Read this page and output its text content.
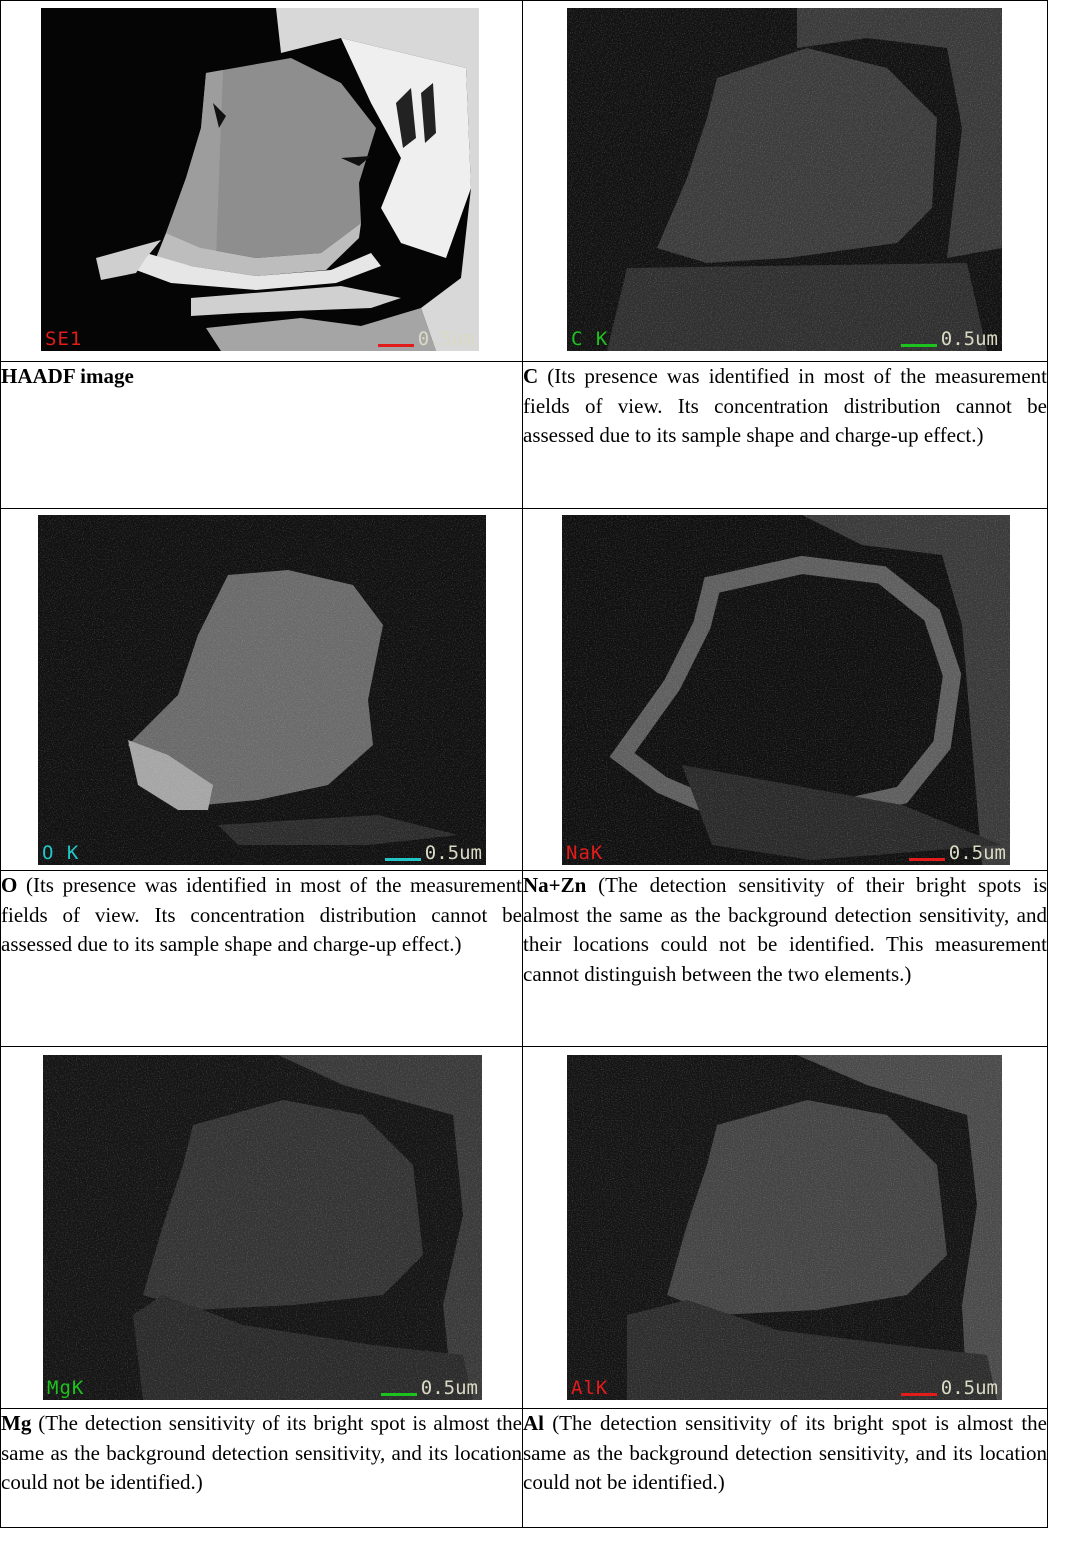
SE1 0.5um	C K 0.5um

HAADF image	C (Its presence was identified in most of the measurement fields of view. Its concentration distribution cannot be assessed due to its sample shape and charge-up effect.)

O K 0.5um	NaK 0.5um

O (Its presence was identified in most of the measurement fields of view. Its concentration distribution cannot be assessed due to its sample shape and charge-up effect.)	Na+Zn (The detection sensitivity of their bright spots is almost the same as the background detection sensitivity, and their locations could not be identified. This measurement cannot distinguish between the two elements.)

MgK 0.5um	AlK 0.5um

Mg (The detection sensitivity of its bright spot is almost the same as the background detection sensitivity, and its location could not be identified.)	Al (The detection sensitivity of its bright spot is almost the same as the background detection sensitivity, and its location could not be identified.)
